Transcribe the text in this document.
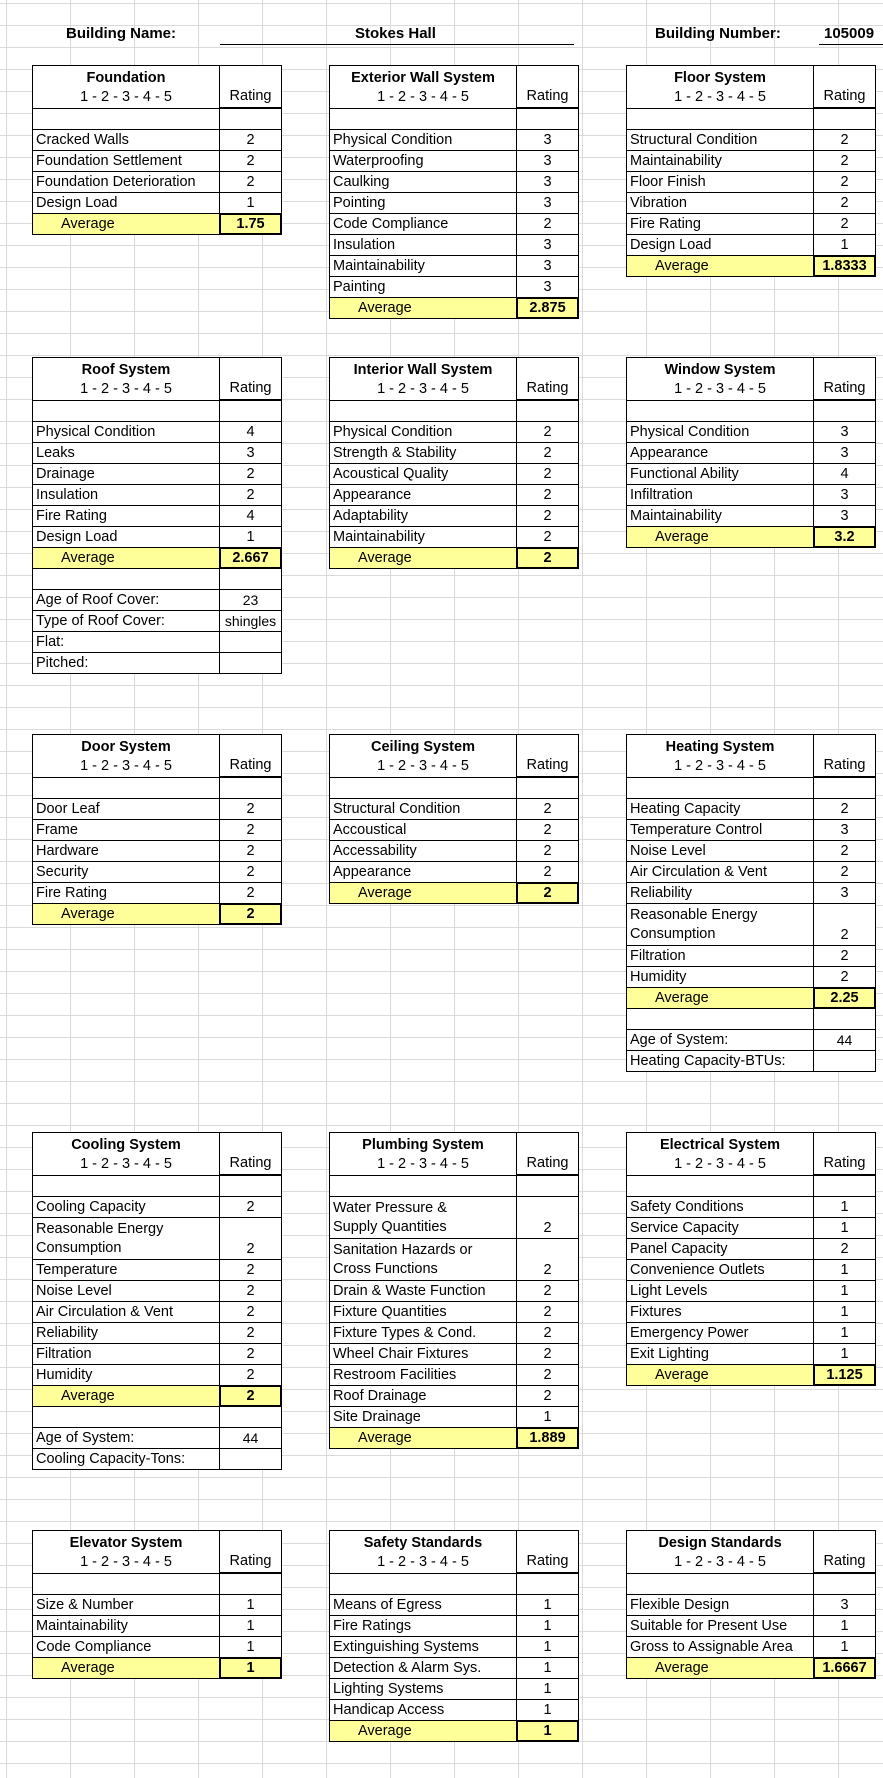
Building Name:	Stokes Hall	Building Number:	105009
Foundation
Rating
1 - 2 - 3 - 4 - 5
Cracked Walls	2
Foundation Settlement	2
Foundation Deterioration	2
Design Load	1
Average	1.75
Exterior Wall System
Rating
1 - 2 - 3 - 4 - 5
Physical Condition	3
Waterproofing	3
Caulking	3
Pointing	3
Code Compliance	2
Insulation	3
Maintainability	3
Painting	3
Average	2.875
Floor System
Rating
1 - 2 - 3 - 4 - 5
Structural Condition	2
Maintainability	2
Floor Finish	2
Vibration	2
Fire Rating	2
Design Load	1
Average	1.8333
Roof System
Rating
1 - 2 - 3 - 4 - 5
Physical Condition	4
Leaks	3
Drainage	2
Insulation	2
Fire Rating	4
Design Load	1
Average	2.667
Age of Roof Cover:	23
Type of Roof Cover:	shingles
Flat:
Pitched:
Interior Wall System
Rating
1 - 2 - 3 - 4 - 5
Physical Condition	2
Strength & Stability	2
Acoustical Quality	2
Appearance	2
Adaptability	2
Maintainability	2
Average	2
Window System
Rating
1 - 2 - 3 - 4 - 5
Physical Condition	3
Appearance	3
Functional Ability	4
Infiltration	3
Maintainability	3
Average	3.2
Door System
Rating
1 - 2 - 3 - 4 - 5
Door Leaf	2
Frame	2
Hardware	2
Security	2
Fire Rating	2
Average	2
Ceiling System
Rating
1 - 2 - 3 - 4 - 5
Structural Condition	2
Accoustical	2
Accessability	2
Appearance	2
Average	2
Heating System
Rating
1 - 2 - 3 - 4 - 5
Heating Capacity	2
Temperature Control	3
Noise Level	2
Air Circulation & Vent	2
Reliability	3
Reasonable Energy
Consumption	2
Filtration	2
Humidity	2
Average	2.25
Age of System:	44
Heating Capacity-BTUs:
Cooling System
Rating
1 - 2 - 3 - 4 - 5
Cooling Capacity	2
Reasonable Energy
Consumption	2
Temperature	2
Noise Level	2
Air Circulation & Vent	2
Reliability	2
Filtration	2
Humidity	2
Average	2
Age of System:	44
Cooling Capacity-Tons:
Plumbing System
Rating
1 - 2 - 3 - 4 - 5
Water Pressure &
Supply Quantities	2
Sanitation Hazards or
Cross Functions	2
Drain & Waste Function	2
Fixture Quantities	2
Fixture Types & Cond.	2
Wheel Chair Fixtures	2
Restroom Facilities	2
Roof Drainage	2
Site Drainage	1
Average	1.889
Electrical System
Rating
1 - 2 - 3 - 4 - 5
Safety Conditions	1
Service Capacity	1
Panel Capacity	2
Convenience Outlets	1
Light Levels	1
Fixtures	1
Emergency Power	1
Exit Lighting	1
Average	1.125
Elevator System
Rating
1 - 2 - 3 - 4 - 5
Size & Number	1
Maintainability	1
Code Compliance	1
Average	1
Safety Standards
Rating
1 - 2 - 3 - 4 - 5
Means of Egress	1
Fire Ratings	1
Extinguishing Systems	1
Detection & Alarm Sys.	1
Lighting Systems	1
Handicap Access	1
Average	1
Design Standards
Rating
1 - 2 - 3 - 4 - 5
Flexible Design	3
Suitable for Present Use	1
Gross to Assignable Area	1
Average	1.6667
